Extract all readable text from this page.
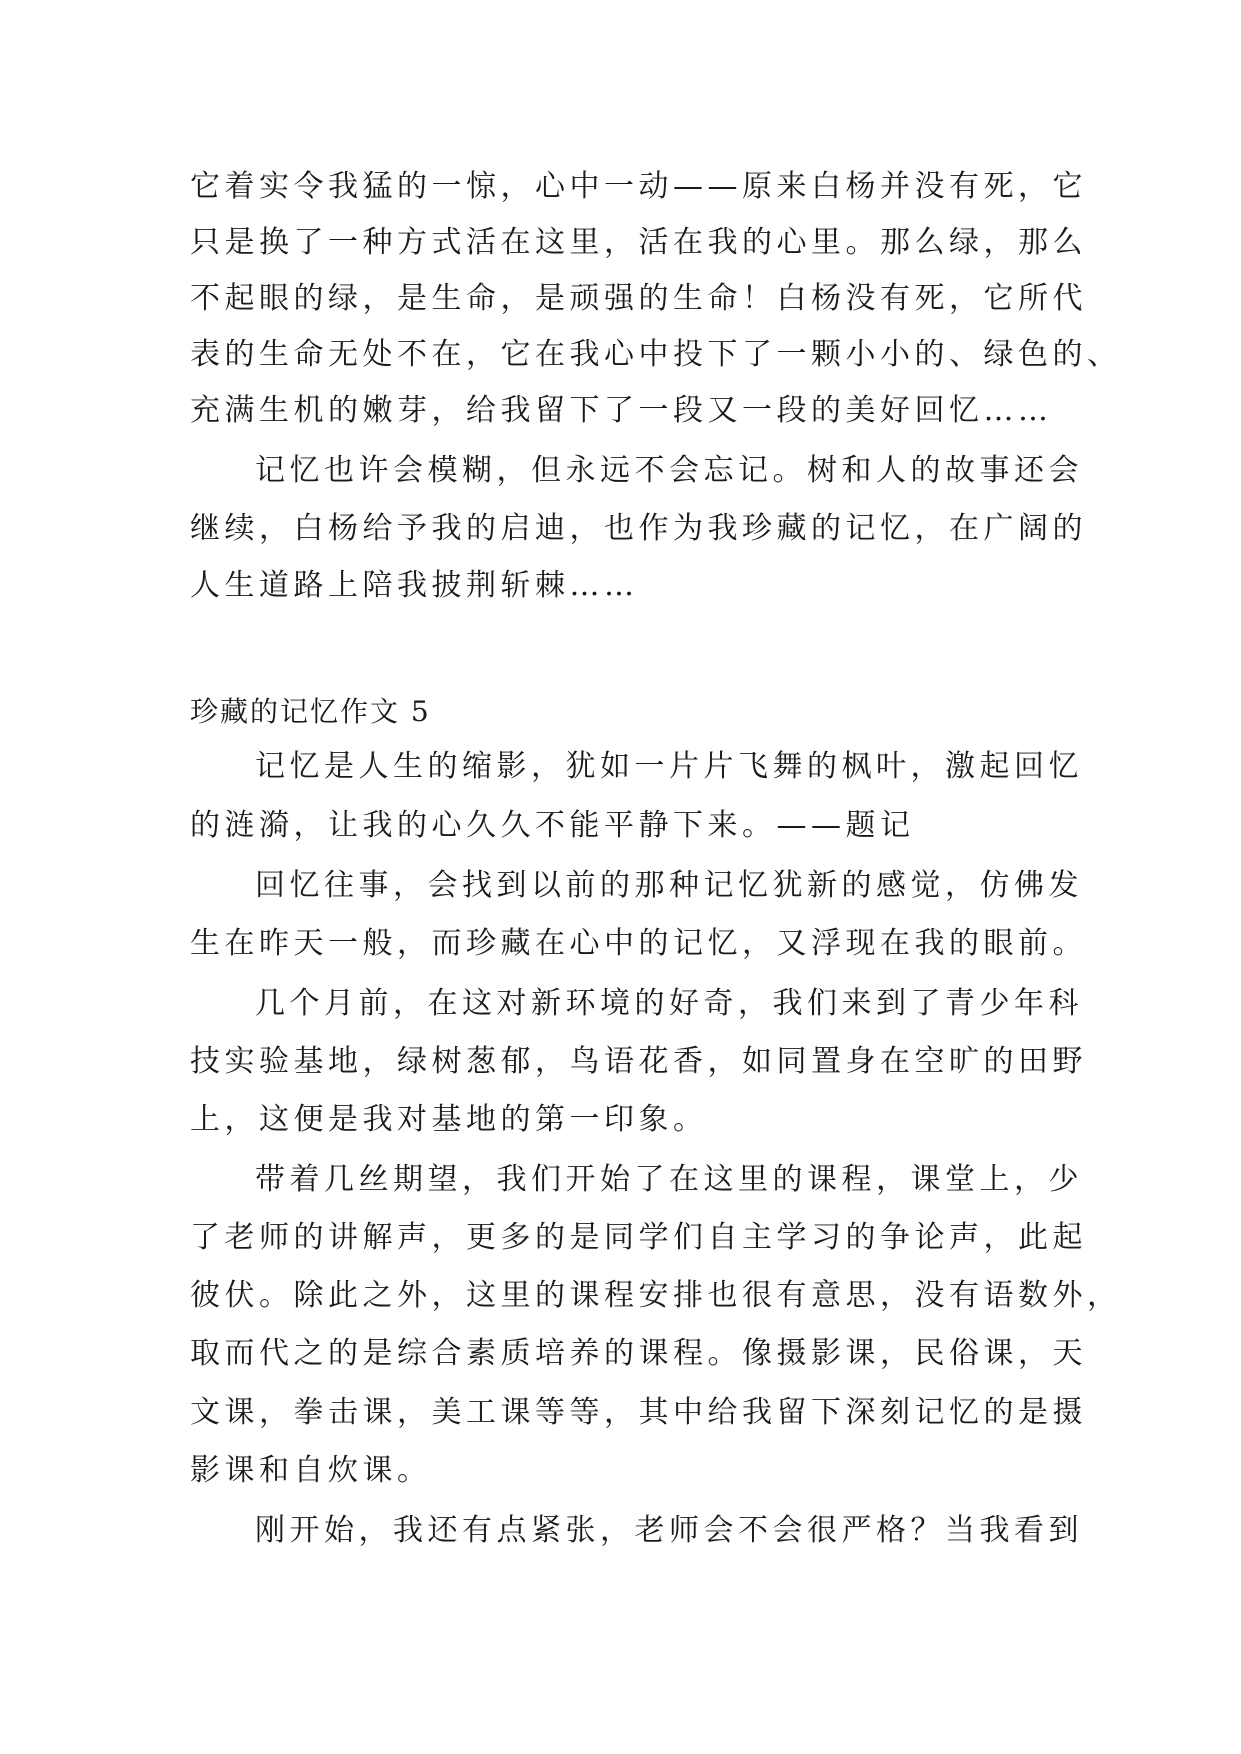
它着实令我猛的一惊，心中一动——原来白杨并没有死，它
只是换了一种方式活在这里，活在我的心里。那么绿，那么
不起眼的绿，是生命，是顽强的生命！白杨没有死，它所代
表的生命无处不在，它在我心中投下了一颗小小的、绿色的、
充满生机的嫩芽，给我留下了一段又一段的美好回忆……
记忆也许会模糊，但永远不会忘记。树和人的故事还会
继续，白杨给予我的启迪，也作为我珍藏的记忆，在广阔的
人生道路上陪我披荆斩棘……
珍藏的记忆作文 5
记忆是人生的缩影，犹如一片片飞舞的枫叶，激起回忆
的涟漪，让我的心久久不能平静下来。——题记
回忆往事，会找到以前的那种记忆犹新的感觉，仿佛发
生在昨天一般，而珍藏在心中的记忆，又浮现在我的眼前。
几个月前，在这对新环境的好奇，我们来到了青少年科
技实验基地，绿树葱郁，鸟语花香，如同置身在空旷的田野
上，这便是我对基地的第一印象。
带着几丝期望，我们开始了在这里的课程，课堂上，少
了老师的讲解声，更多的是同学们自主学习的争论声，此起
彼伏。除此之外，这里的课程安排也很有意思，没有语数外，
取而代之的是综合素质培养的课程。像摄影课，民俗课，天
文课，拳击课，美工课等等，其中给我留下深刻记忆的是摄
影课和自炊课。
刚开始，我还有点紧张，老师会不会很严格？当我看到
